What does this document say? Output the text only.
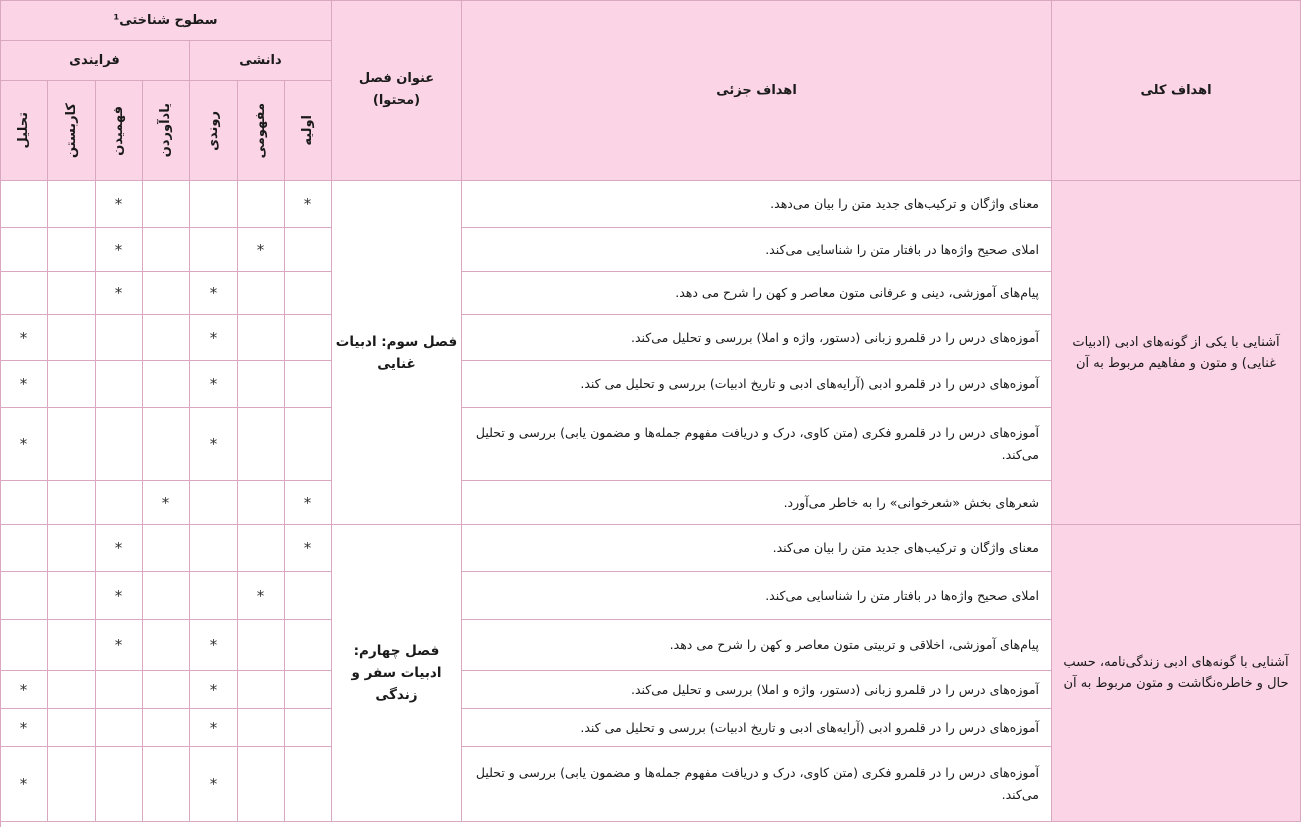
اهداف کلی
اهداف جزئی
عنوان فصل (محتوا)
سطوح شناختی¹
دانشی
فرایندی
اولیه
مفهومی
روندی
یادآوردن
فهمیدن
کاربستن
تحلیل
آشنایی با یکی از گونه‌های ادبی (ادبیات غنایی) و متون و مفاهیم مربوط به آن
فصل سوم: ادبیات غنایی
معنای واژگان و ترکیب‌های جدید متن را بیان می‌دهد.
*
*
املای صحیح واژه‌ها در بافتار متن را شناسایی می‌کند.
*
*
پیام‌های آموزشی، دینی و عرفانی متون معاصر و کهن را شرح می دهد.
*
*
آموزه‌های درس را در قلمرو زبانی (دستور، واژه و املا) بررسی و تحلیل می‌کند.
*
*
آموزه‌های درس را در قلمرو ادبی (آرایه‌های ادبی و تاریخ ادبیات) بررسی و تحلیل می کند.
*
*
آموزه‌های درس را در قلمرو فکری (متن کاوی، درک و دریافت مفهوم جمله‌ها و مضمون یابی) بررسی و تحلیل می‌کند.
*
*
شعرهای بخش «شعرخوانی» را به خاطر می‌آورد.
*
*
آشنایی با گونه‌های ادبی زندگی‌نامه، حسب حال و خاطره‌نگاشت و متون مربوط به آن
فصل چهارم: ادبیات سفر و زندگی
معنای واژگان و ترکیب‌های جدید متن را بیان می‌کند.
*
*
املای صحیح واژه‌ها در بافتار متن را شناسایی می‌کند.
*
*
پیام‌های آموزشی، اخلاقی و تربیتی متون معاصر و کهن را شرح می دهد.
*
*
آموزه‌های درس را در قلمرو زبانی (دستور، واژه و املا) بررسی و تحلیل می‌کند.
*
*
آموزه‌های درس را در قلمرو ادبی (آرایه‌های ادبی و تاریخ ادبیات) بررسی و تحلیل می کند.
*
*
آموزه‌های درس را در قلمرو فکری (متن کاوی، درک و دریافت مفهوم جمله‌ها و مضمون یابی) بررسی و تحلیل می‌کند.
*
*
